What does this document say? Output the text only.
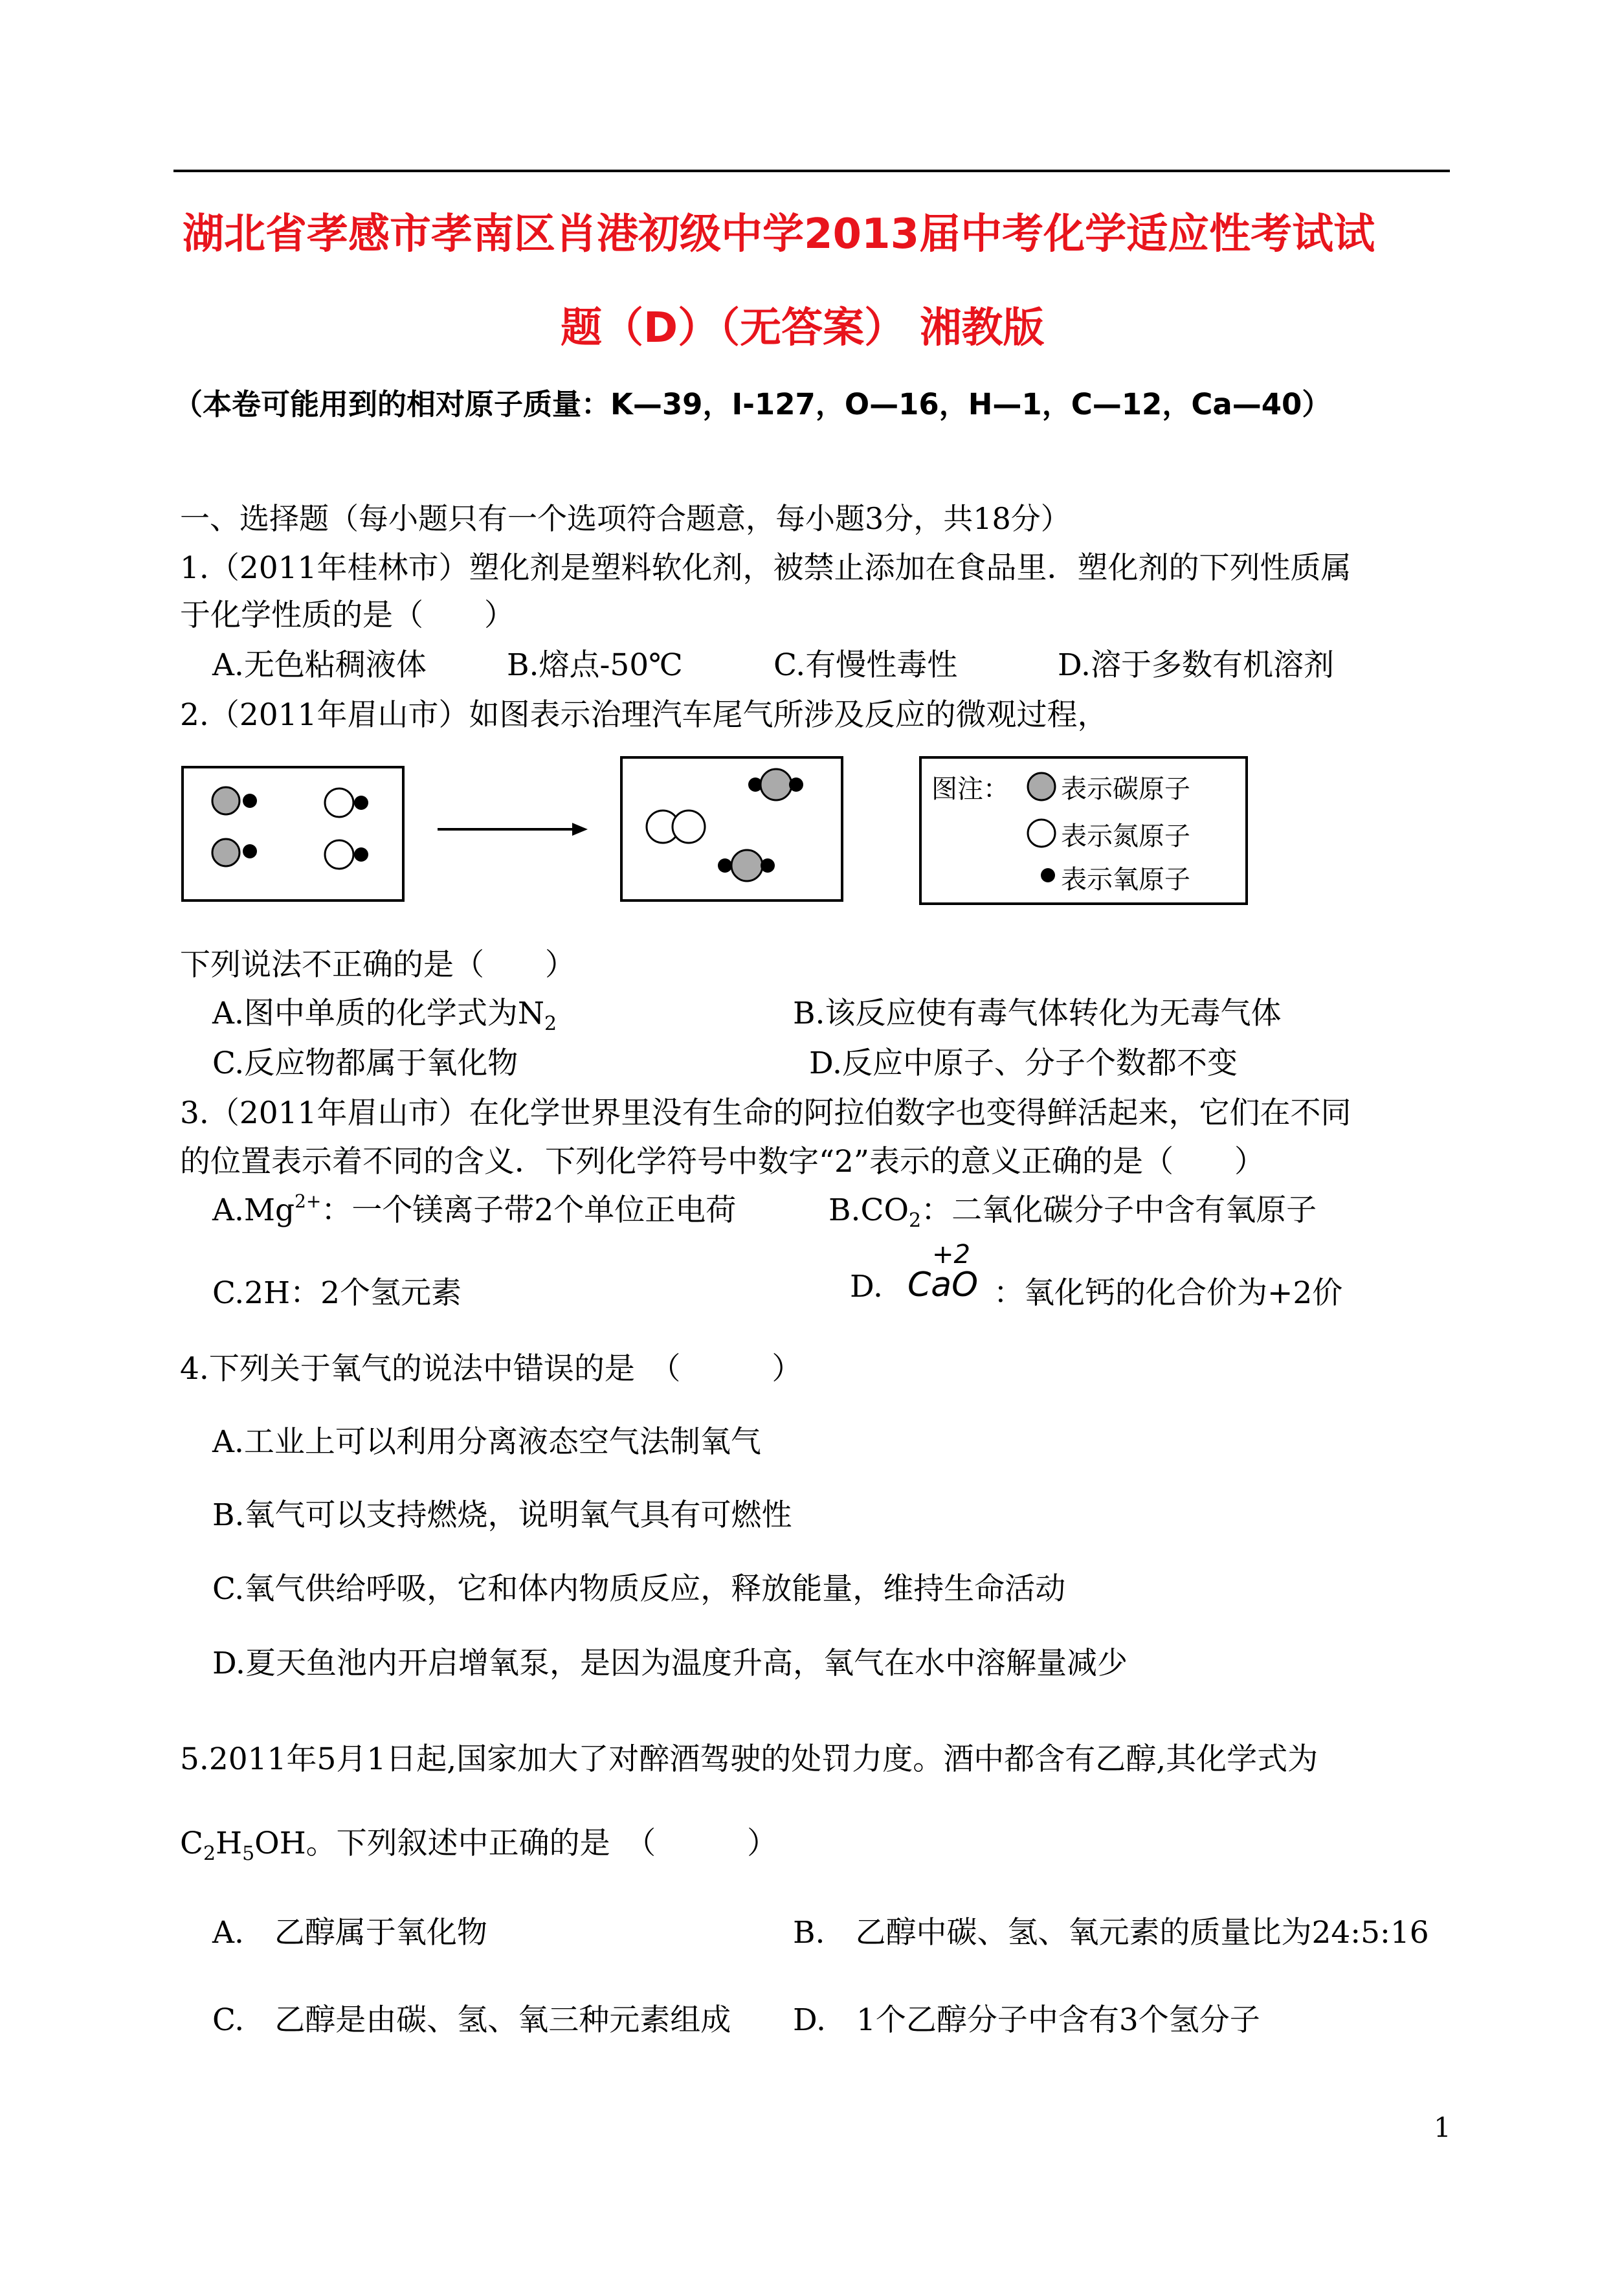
湖北省孝感市孝南区肖港初级中学2013届中考化学适应性考试试
题（D）（无答案） 湘教版
（本卷可能用到的相对原子质量：K—39，I-127，O—16，H—1，C—12，Ca—40）
一、选择题（每小题只有一个选项符合题意，每小题3分，共18分）
1.（2011年桂林市）塑化剂是塑料软化剂，被禁止添加在食品里．塑化剂的下列性质属
于化学性质的是（　　）
A.无色粘稠液体	B.熔点-50℃	C.有慢性毒性	D.溶于多数有机溶剂
2.（2011年眉山市）如图表示治理汽车尾气所涉及反应的微观过程，
图注： 表示碳原子
表示氮原子
表示氧原子
下列说法不正确的是（　　）
A.图中单质的化学式为$N_2$	B.该反应使有毒气体转化为无毒气体
C.反应物都属于氧化物	D.反应中原子、分子个数都不变
3.（2011年眉山市）在化学世界里没有生命的阿拉伯数字也变得鲜活起来，它们在不同
的位置表示着不同的含义．下列化学符号中数字“2”表示的意义正确的是（　　）
$A.Mg^{2+}$：一个镁离子带2个单位正电荷	$B.CO_2$：二氧化碳分子中含有氧原子
C.2H：2个氢元素	D.
+2
CaO ：氧化钙的化合价为+2价
4.下列关于氧气的说法中错误的是　（　　　）
A.工业上可以利用分离液态空气法制氧气
B.氧气可以支持燃烧，说明氧气具有可燃性
C.氧气供给呼吸，它和体内物质反应，释放能量，维持生命活动
D.夏天鱼池内开启增氧泵，是因为温度升高，氧气在水中溶解量减少
5.2011年5月1日起,国家加大了对醉酒驾驶的处罚力度。酒中都含有乙醇,其化学式为
$C_2H_5OH$。下列叙述中正确的是　（　　　）
A.　乙醇属于氧化物	B.　乙醇中碳、氢、氧元素的质量比为24:5:16
C.　乙醇是由碳、氢、氧三种元素组成 D.　1个乙醇分子中含有3个氢分子
1
